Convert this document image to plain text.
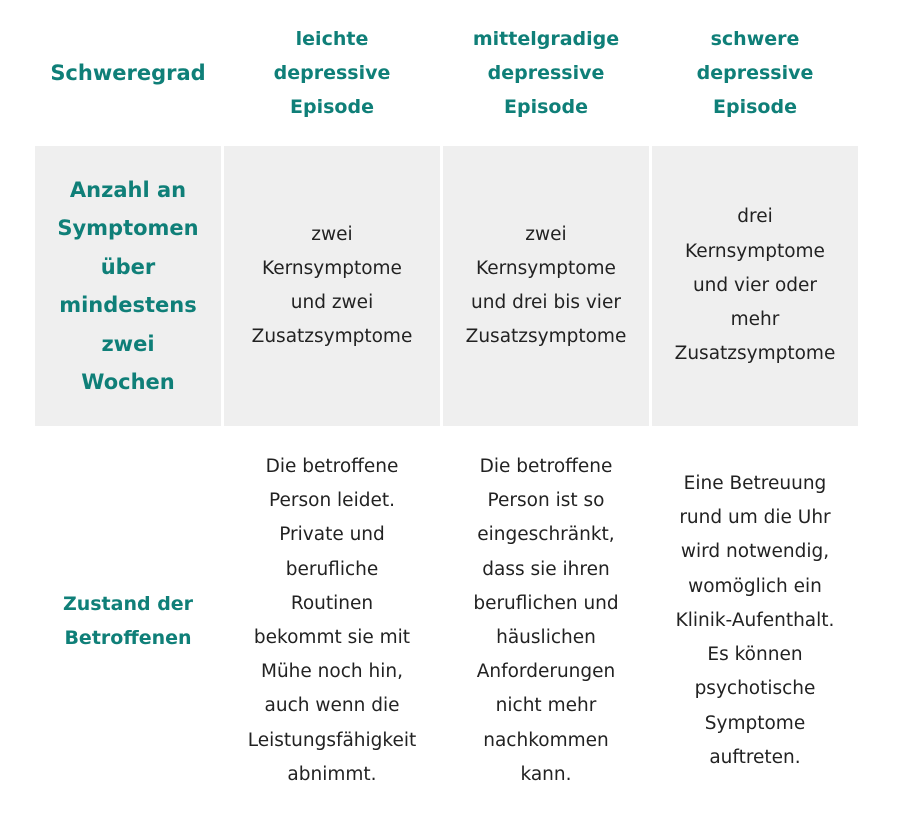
Schweregrad
leichte
depressive
Episode
mittelgradige
depressive
Episode
schwere
depressive
Episode
Anzahl an
Symptomen
über
mindestens
zwei
Wochen
zwei
Kernsymptome
und zwei
Zusatzsymptome
zwei
Kernsymptome
und drei bis vier
Zusatzsymptome
drei
Kernsymptome
und vier oder
mehr
Zusatzsymptome
Zustand der
Betroffenen
Die betroffene
Person leidet.
Private und
berufliche
Routinen
bekommt sie mit
Mühe noch hin,
auch wenn die
Leistungsfähigkeit
abnimmt.
Die betroffene
Person ist so
eingeschränkt,
dass sie ihren
beruflichen und
häuslichen
Anforderungen
nicht mehr
nachkommen
kann.
Eine Betreuung
rund um die Uhr
wird notwendig,
womöglich ein
Klinik-Aufenthalt.
Es können
psychotische
Symptome
auftreten.
